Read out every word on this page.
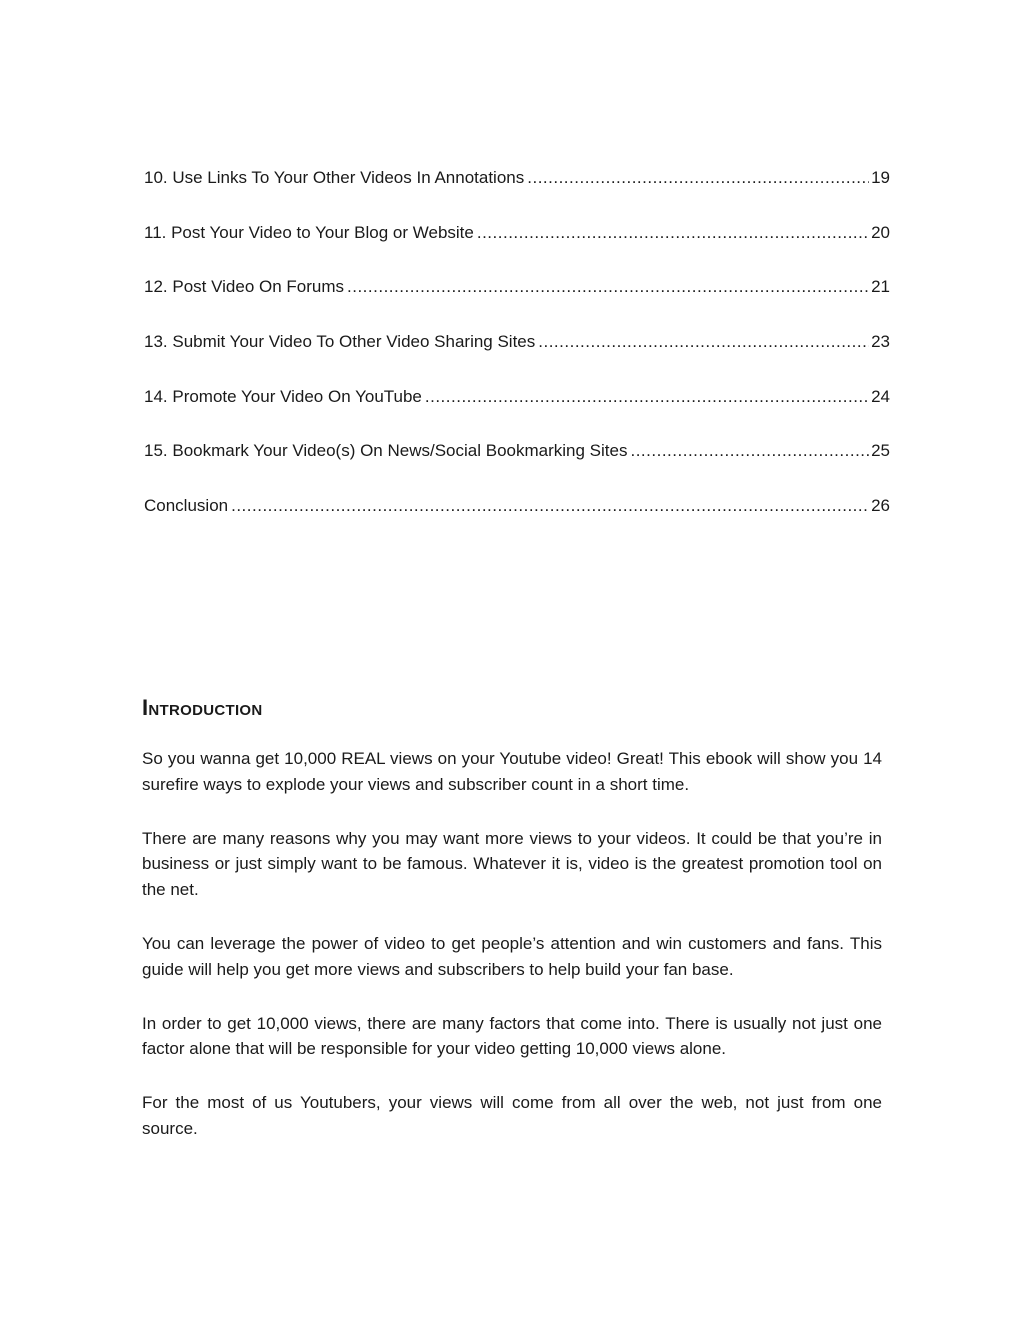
10. Use Links To Your Other Videos In Annotations .....	19
11. Post Your Video to Your Blog or Website .....	20
12. Post Video On Forums .....	21
13. Submit Your Video To Other Video Sharing Sites .....	23
14. Promote Your Video On YouTube .....	24
15. Bookmark Your Video(s) On News/Social Bookmarking Sites .....	25
Conclusion .....	26
Introduction

So you wanna get 10,000 REAL views on your Youtube video! Great! This ebook will show you 14 surefire ways to explode your views and subscriber count in a short time.

There are many reasons why you may want more views to your videos. It could be that you’re in business or just simply want to be famous. Whatever it is, video is the greatest promotion tool on the net.

You can leverage the power of video to get people’s attention and win customers and fans. This guide will help you get more views and subscribers to help build your fan base.

In order to get 10,000 views, there are many factors that come into. There is usually not just one factor alone that will be responsible for your video getting 10,000 views alone.

For the most of us Youtubers, your views will come from all over the web, not just from one source.
